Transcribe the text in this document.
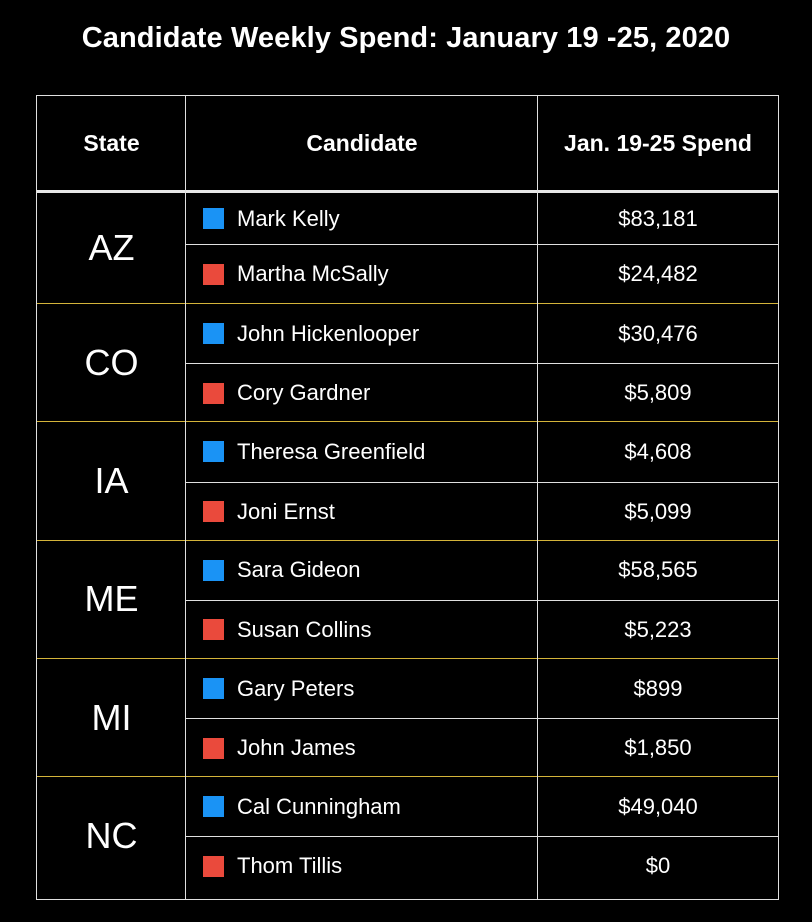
Candidate Weekly Spend: January 19 -25, 2020
State	Candidate	Jan. 19-25 Spend
AZ
Mark Kelly	$83,181
Martha McSally	$24,482
CO
John Hickenlooper	$30,476
Cory Gardner	$5,809
IA
Theresa Greenfield	$4,608
Joni Ernst	$5,099
ME
Sara Gideon	$58,565
Susan Collins	$5,223
MI
Gary Peters	$899
John James	$1,850
NC
Cal Cunningham	$49,040
Thom Tillis	$0
